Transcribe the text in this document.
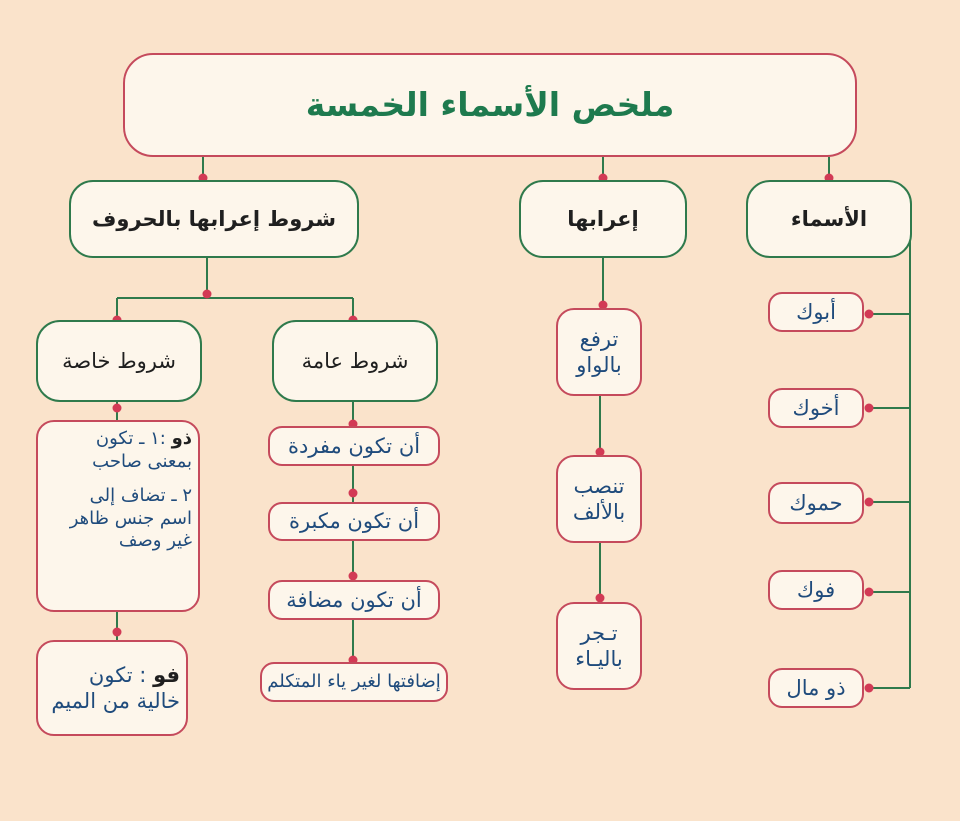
ملخص الأسماء الخمسة
الأسماء
إعرابها
شروط إعرابها بالحروف
أبوك
أخوك
حموك
فوك
ذو مال
ترفع
بالواو
تنصب
بالألف
تـجر
باليـاء
شروط عامة
أن تكون مفردة
أن تكون مكبرة
أن تكون مضافة
إضافتها لغير ياء المتكلم
شروط خاصة
ذو :١ ـ تكون
بمعنى صاحب
٢ ـ تضاف إلى
اسم جنس ظاهر
غير وصف
فو : تكون
خالية من الميم
